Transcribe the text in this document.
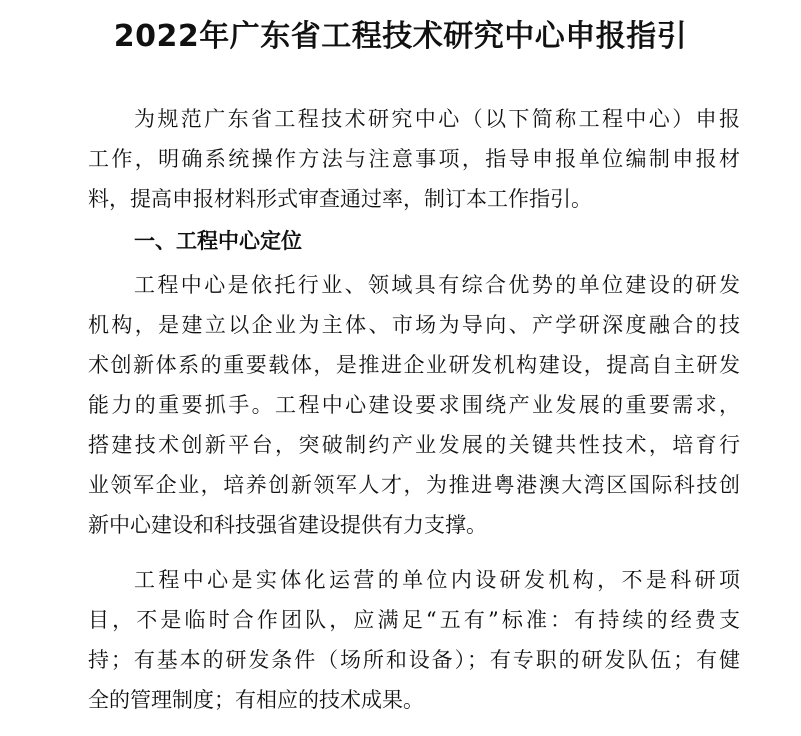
2022年广东省工程技术研究中心申报指引
为规范广东省工程技术研究中心（以下简称工程中心）申报
工作，明确系统操作方法与注意事项，指导申报单位编制申报材
料，提高申报材料形式审查通过率，制订本工作指引。
一、工程中心定位
工程中心是依托行业、领域具有综合优势的单位建设的研发
机构，是建立以企业为主体、市场为导向、产学研深度融合的技
术创新体系的重要载体，是推进企业研发机构建设，提高自主研发
能力的重要抓手。工程中心建设要求围绕产业发展的重要需求，
搭建技术创新平台，突破制约产业发展的关键共性技术，培育行
业领军企业，培养创新领军人才，为推进粤港澳大湾区国际科技创
新中心建设和科技强省建设提供有力支撑。
工程中心是实体化运营的单位内设研发机构，不是科研项
目，不是临时合作团队，应满足“五有”标准：有持续的经费支
持；有基本的研发条件（场所和设备）；有专职的研发队伍；有健
全的管理制度；有相应的技术成果。
